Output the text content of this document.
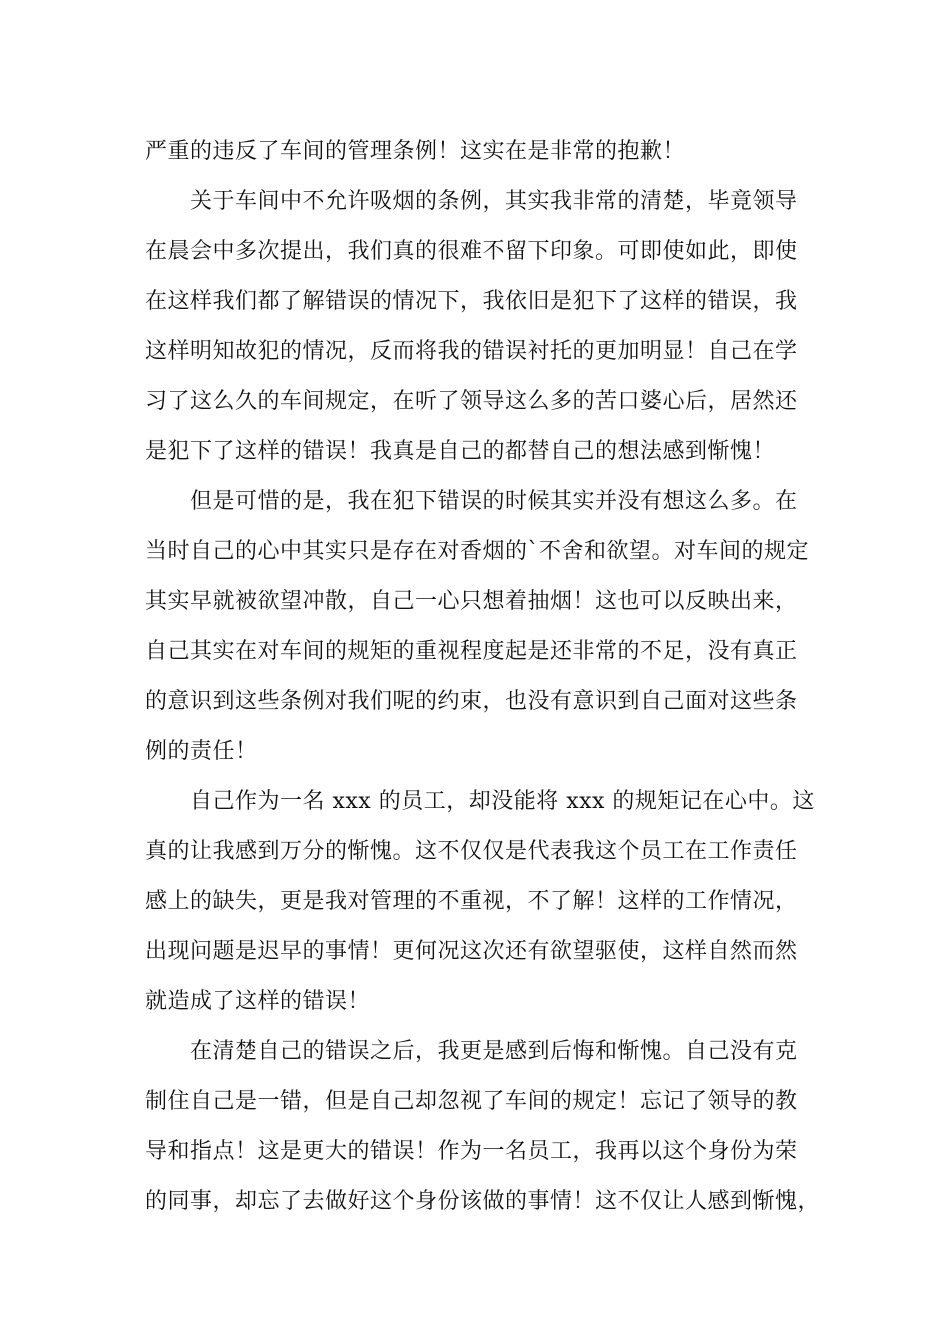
严重的违反了车间的管理条例！这实在是非常的抱歉！
　　关于车间中不允许吸烟的条例，其实我非常的清楚，毕竟领导
在晨会中多次提出，我们真的很难不留下印象。可即使如此，即使
在这样我们都了解错误的情况下，我依旧是犯下了这样的错误，我
这样明知故犯的情况，反而将我的错误衬托的更加明显！自己在学
习了这么久的车间规定，在听了领导这么多的苦口婆心后，居然还
是犯下了这样的错误！我真是自己的都替自己的想法感到惭愧！
　　但是可惜的是，我在犯下错误的时候其实并没有想这么多。在
当时自己的心中其实只是存在对香烟的`不舍和欲望。对车间的规定
其实早就被欲望冲散，自己一心只想着抽烟！这也可以反映出来，
自己其实在对车间的规矩的重视程度起是还非常的不足，没有真正
的意识到这些条例对我们呢的约束，也没有意识到自己面对这些条
例的责任！
　　自己作为一名 xxx 的员工，却没能将 xxx 的规矩记在心中。这
真的让我感到万分的惭愧。这不仅仅是代表我这个员工在工作责任
感上的缺失，更是我对管理的不重视，不了解！这样的工作情况，
出现问题是迟早的事情！更何况这次还有欲望驱使，这样自然而然
就造成了这样的错误！
　　在清楚自己的错误之后，我更是感到后悔和惭愧。自己没有克
制住自己是一错，但是自己却忽视了车间的规定！忘记了领导的教
导和指点！这是更大的错误！作为一名员工，我再以这个身份为荣
的同事，却忘了去做好这个身份该做的事情！这不仅让人感到惭愧，
